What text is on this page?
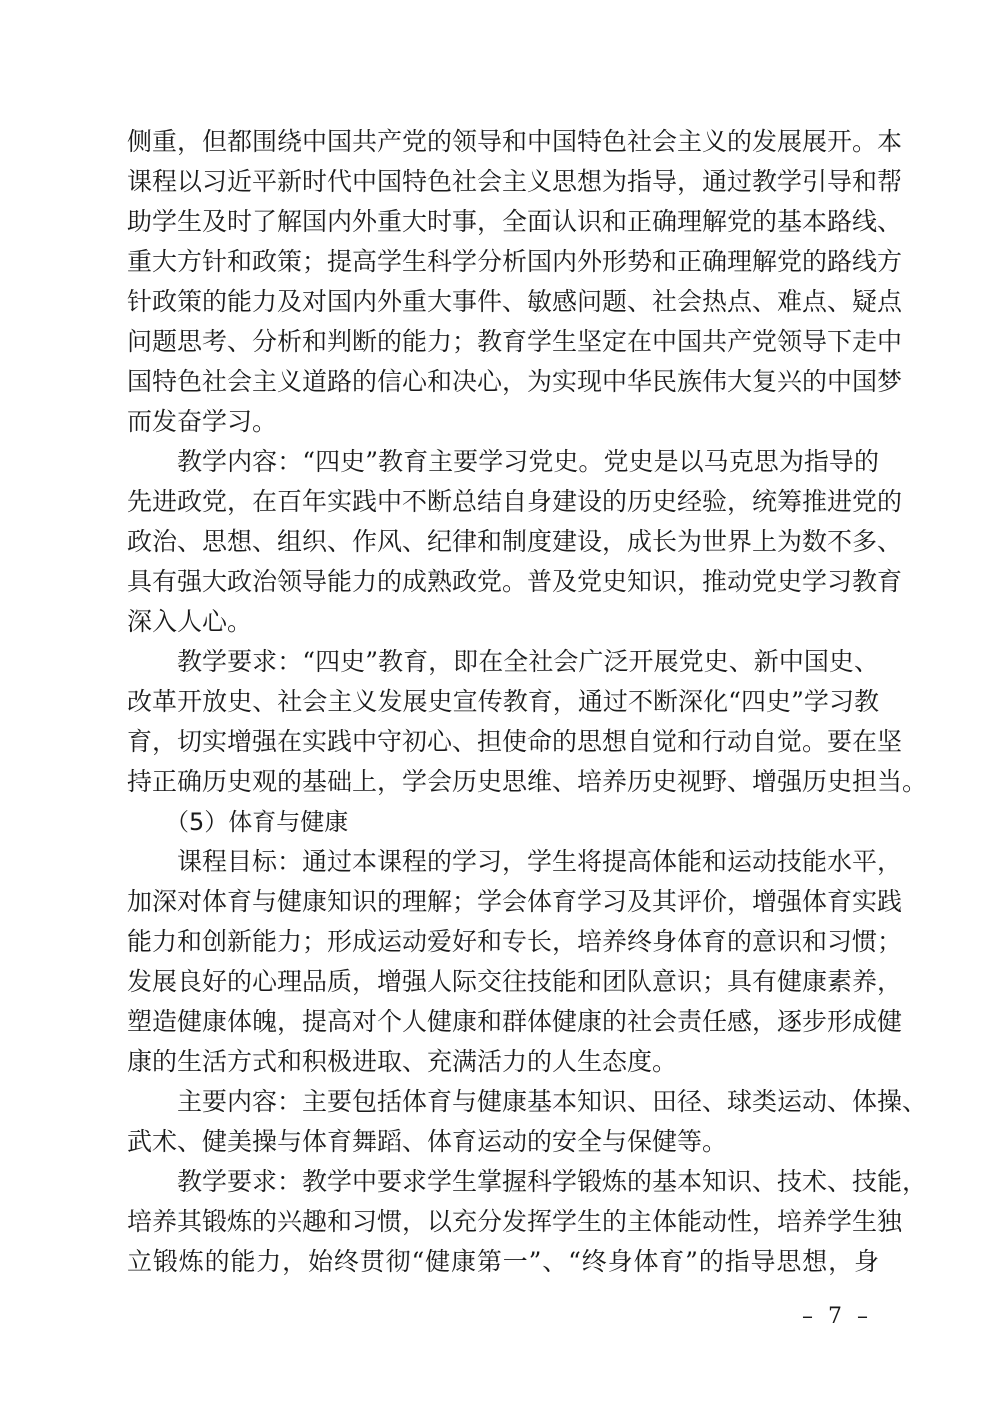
侧重，但都围绕中国共产党的领导和中国特色社会主义的发展展开。本
课程以习近平新时代中国特色社会主义思想为指导，通过教学引导和帮
助学生及时了解国内外重大时事，全面认识和正确理解党的基本路线、
重大方针和政策；提高学生科学分析国内外形势和正确理解党的路线方
针政策的能力及对国内外重大事件、敏感问题、社会热点、难点、疑点
问题思考、分析和判断的能力；教育学生坚定在中国共产党领导下走中
国特色社会主义道路的信心和决心，为实现中华民族伟大复兴的中国梦
而发奋学习。
教学内容：“四史”教育主要学习党史。党史是以马克思为指导的
先进政党，在百年实践中不断总结自身建设的历史经验，统筹推进党的
政治、思想、组织、作风、纪律和制度建设，成长为世界上为数不多、
具有强大政治领导能力的成熟政党。普及党史知识，推动党史学习教育
深入人心。
教学要求：“四史”教育，即在全社会广泛开展党史、新中国史、
改革开放史、社会主义发展史宣传教育，通过不断深化“四史”学习教
育，切实增强在实践中守初心、担使命的思想自觉和行动自觉。要在坚
持正确历史观的基础上，学会历史思维、培养历史视野、增强历史担当。
（5）体育与健康
课程目标：通过本课程的学习，学生将提高体能和运动技能水平，
加深对体育与健康知识的理解；学会体育学习及其评价，增强体育实践
能力和创新能力；形成运动爱好和专长，培养终身体育的意识和习惯；
发展良好的心理品质，增强人际交往技能和团队意识；具有健康素养，
塑造健康体魄，提高对个人健康和群体健康的社会责任感，逐步形成健
康的生活方式和积极进取、充满活力的人生态度。
主要内容：主要包括体育与健康基本知识、田径、球类运动、体操、
武术、健美操与体育舞蹈、体育运动的安全与保健等。
教学要求：教学中要求学生掌握科学锻炼的基本知识、技术、技能，
培养其锻炼的兴趣和习惯，以充分发挥学生的主体能动性，培养学生独
立锻炼的能力，始终贯彻“健康第一”、“终身体育”的指导思想，身
– 7 –
